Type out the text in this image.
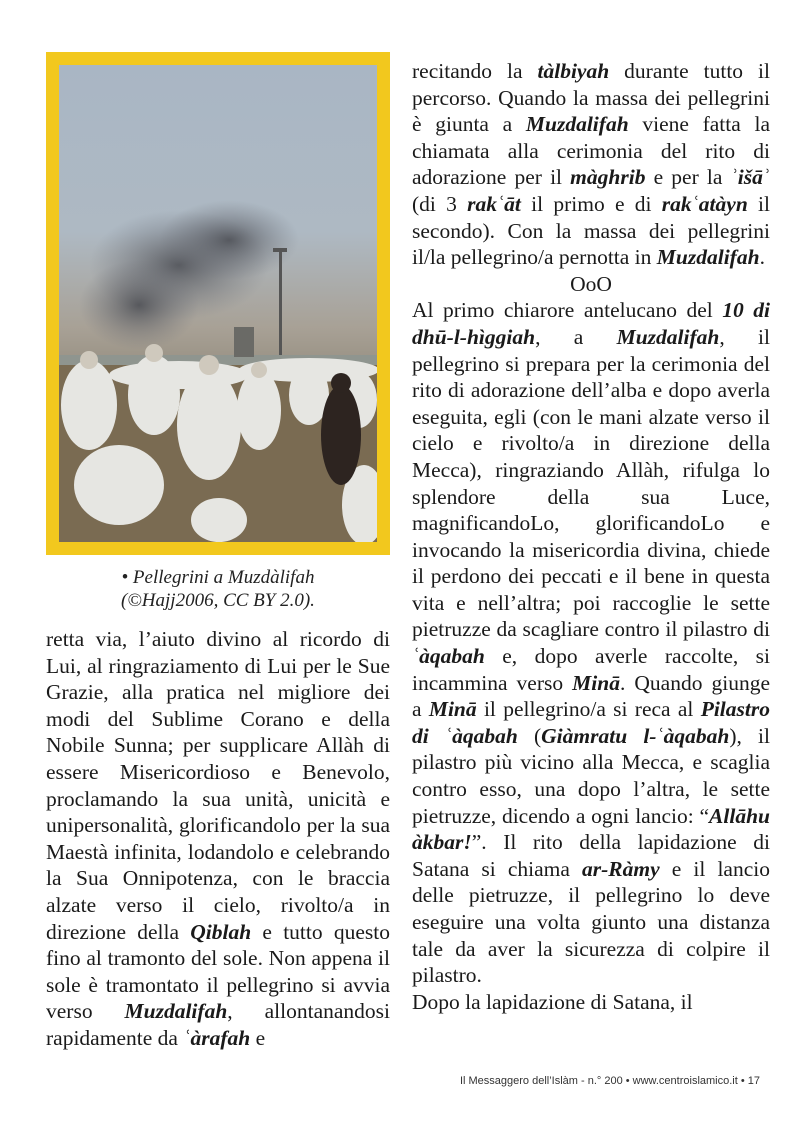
• Pellegrini a Muzdàlifah
(©Hajj2006, CC BY 2.0).

retta via, l’aiuto divino al ricordo di Lui, al ringraziamento di Lui per le Sue Grazie, alla pratica nel migliore dei modi del Sublime Corano e della Nobile Sunna; per supplicare Allàh di essere Misericordioso e Benevolo, proclamando la sua unità, unicità e unipersonalità, glorificandolo per la sua Maestà infinita, lodandolo e celebrando la Sua Onnipotenza, con le braccia alzate verso il cielo, rivolto/a in direzione della Qiblah e tutto questo fino al tramonto del sole. Non appena il sole è tramontato il pellegrino si avvia verso Muzdalifah, allontanandosi rapidamente da ʿàrafah e

recitando la tàlbiyah durante tutto il percorso. Quando la massa dei pellegrini è giunta a Muzdalifah viene fatta la chiamata alla cerimonia del rito di adorazione per il màghrib e per la ʾišāʾ (di 3 rakʿāt il primo e di rakʿatàyn il secondo). Con la massa dei pellegrini il/la pellegrino/a pernotta in Muzdalifah.

OoO

Al primo chiarore antelucano del 10 di dhū-l-hìggiah, a Muzdalifah, il pellegrino si prepara per la cerimonia del rito di adorazione dell’alba e dopo averla eseguita, egli (con le mani alzate verso il cielo e rivolto/a in direzione della Mecca), ringraziando Allàh, rifulga lo splendore della sua Luce, magnificandoLo, glorificandoLo e invocando la misericordia divina, chiede il perdono dei peccati e il bene in questa vita e nell’altra; poi raccoglie le sette pietruzze da scagliare contro il pilastro di ʿàqabah e, dopo averle raccolte, si incammina verso Minā. Quando giunge a Minā il pellegrino/a si reca al Pilastro di ʿàqabah (Giàmratu l-ʿàqabah), il pilastro più vicino alla Mecca, e scaglia contro esso, una dopo l’altra, le sette pietruzze, dicendo a ogni lancio: “Allāhu àkbar!”. Il rito della lapidazione di Satana si chiama ar-Ràmy e il lancio delle pietruzze, il pellegrino lo deve eseguire una volta giunto una distanza tale da aver la sicurezza di colpire il pilastro.

Dopo la lapidazione di Satana, il

Il Messaggero dell’Islàm - n.° 200 • www.centroislamico.it • 17
